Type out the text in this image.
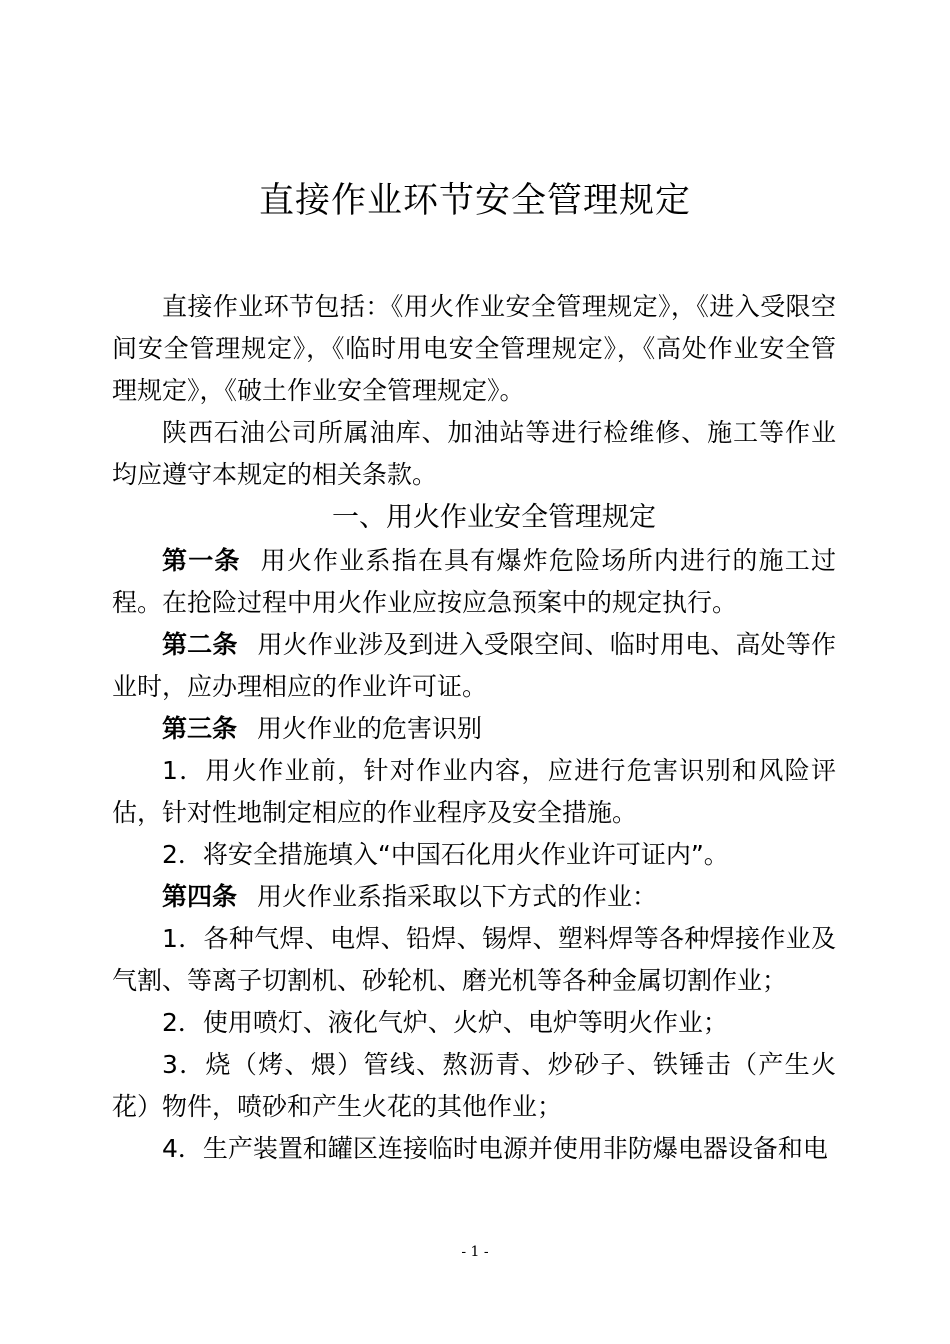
直接作业环节安全管理规定

直接作业环节包括：《用火作业安全管理规定》，《进入受限空间安全管理规定》，《临时用电安全管理规定》，《高处作业安全管理规定》，《破土作业安全管理规定》。

陕西石油公司所属油库、加油站等进行检维修、施工等作业均应遵守本规定的相关条款。

一、用火作业安全管理规定

第一条 用火作业系指在具有爆炸危险场所内进行的施工过程。在抢险过程中用火作业应按应急预案中的规定执行。

第二条 用火作业涉及到进入受限空间、临时用电、高处等作业时，应办理相应的作业许可证。

第三条 用火作业的危害识别

1．用火作业前，针对作业内容，应进行危害识别和风险评估，针对性地制定相应的作业程序及安全措施。

2．将安全措施填入“中国石化用火作业许可证内”。

第四条 用火作业系指采取以下方式的作业：

1．各种气焊、电焊、铅焊、锡焊、塑料焊等各种焊接作业及气割、等离子切割机、砂轮机、磨光机等各种金属切割作业；

2．使用喷灯、液化气炉、火炉、电炉等明火作业；

3．烧（烤、煨）管线、熬沥青、炒砂子、铁锤击（产生火花）物件，喷砂和产生火花的其他作业；

4．生产装置和罐区连接临时电源并使用非防爆电器设备和电

- 1 -
